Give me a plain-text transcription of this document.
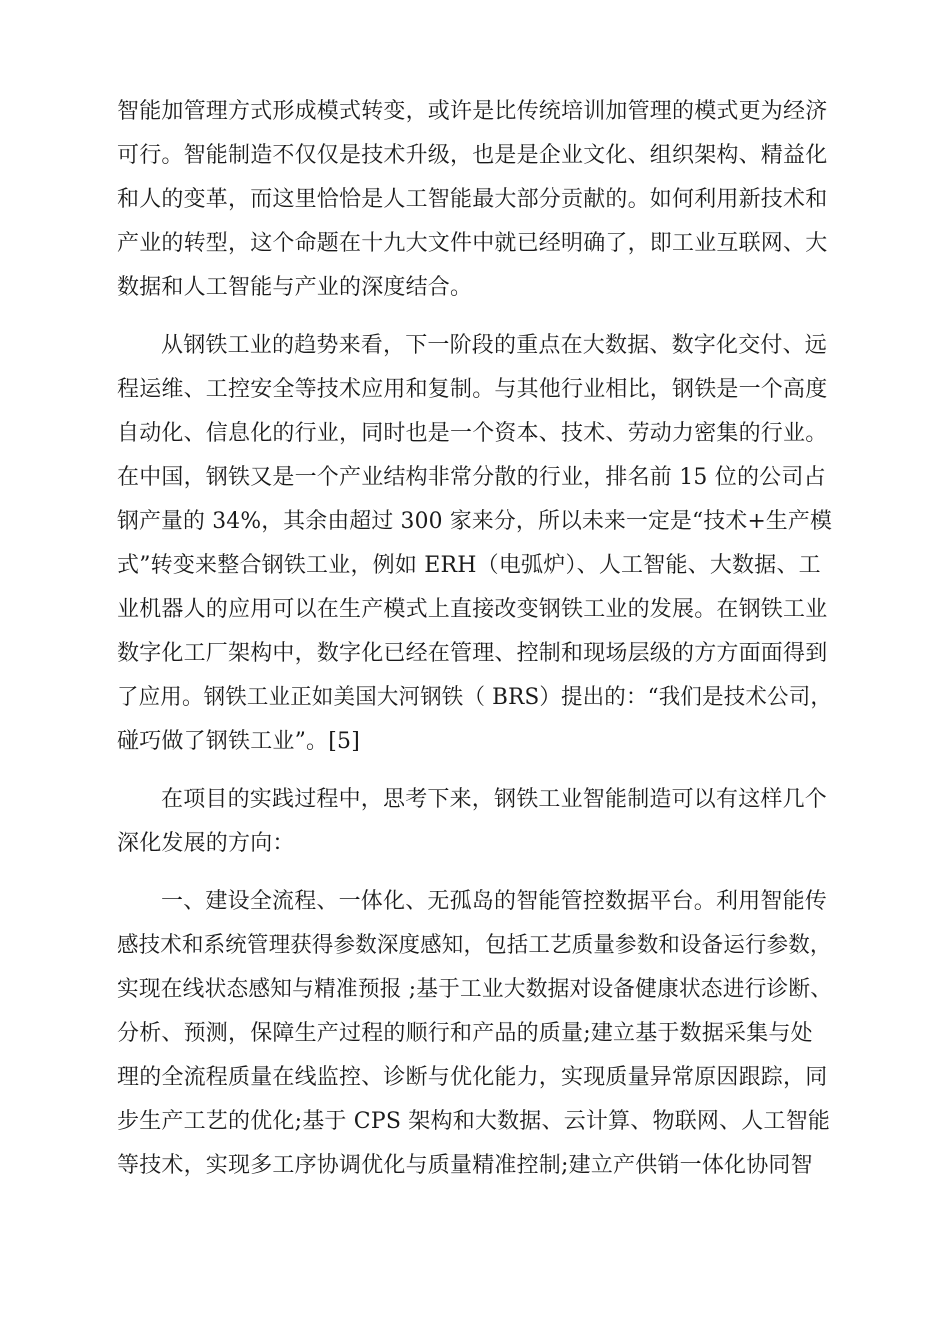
智能加管理方式形成模式转变，或许是比传统培训加管理的模式更为经济
可行。智能制造不仅仅是技术升级，也是是企业文化、组织架构、精益化
和人的变革，而这里恰恰是人工智能最大部分贡献的。如何利用新技术和
产业的转型，这个命题在十九大文件中就已经明确了，即工业互联网、大
数据和人工智能与产业的深度结合。
从钢铁工业的趋势来看，下一阶段的重点在大数据、数字化交付、远
程运维、工控安全等技术应用和复制。与其他行业相比，钢铁是一个高度
自动化、信息化的行业，同时也是一个资本、技术、劳动力密集的行业。
在中国，钢铁又是一个产业结构非常分散的行业，排名前 15 位的公司占
钢产量的 34%，其余由超过 300 家来分，所以未来一定是“技术+生产模
式”转变来整合钢铁工业，例如 ERH（电弧炉）、人工智能、大数据、工
业机器人的应用可以在生产模式上直接改变钢铁工业的发展。在钢铁工业
数字化工厂架构中，数字化已经在管理、控制和现场层级的方方面面得到
了应用。钢铁工业正如美国大河钢铁（ BRS）提出的：“我们是技术公司，
碰巧做了钢铁工业”。[5]
在项目的实践过程中，思考下来，钢铁工业智能制造可以有这样几个
深化发展的方向：
一、建设全流程、一体化、无孤岛的智能管控数据平台。利用智能传
感技术和系统管理获得参数深度感知，包括工艺质量参数和设备运行参数，
实现在线状态感知与精准预报 ;基于工业大数据对设备健康状态进行诊断、
分析、预测，保障生产过程的顺行和产品的质量;建立基于数据采集与处
理的全流程质量在线监控、诊断与优化能力，实现质量异常原因跟踪，同
步生产工艺的优化;基于 CPS 架构和大数据、云计算、物联网、人工智能
等技术，实现多工序协调优化与质量精准控制;建立产供销一体化协同智
